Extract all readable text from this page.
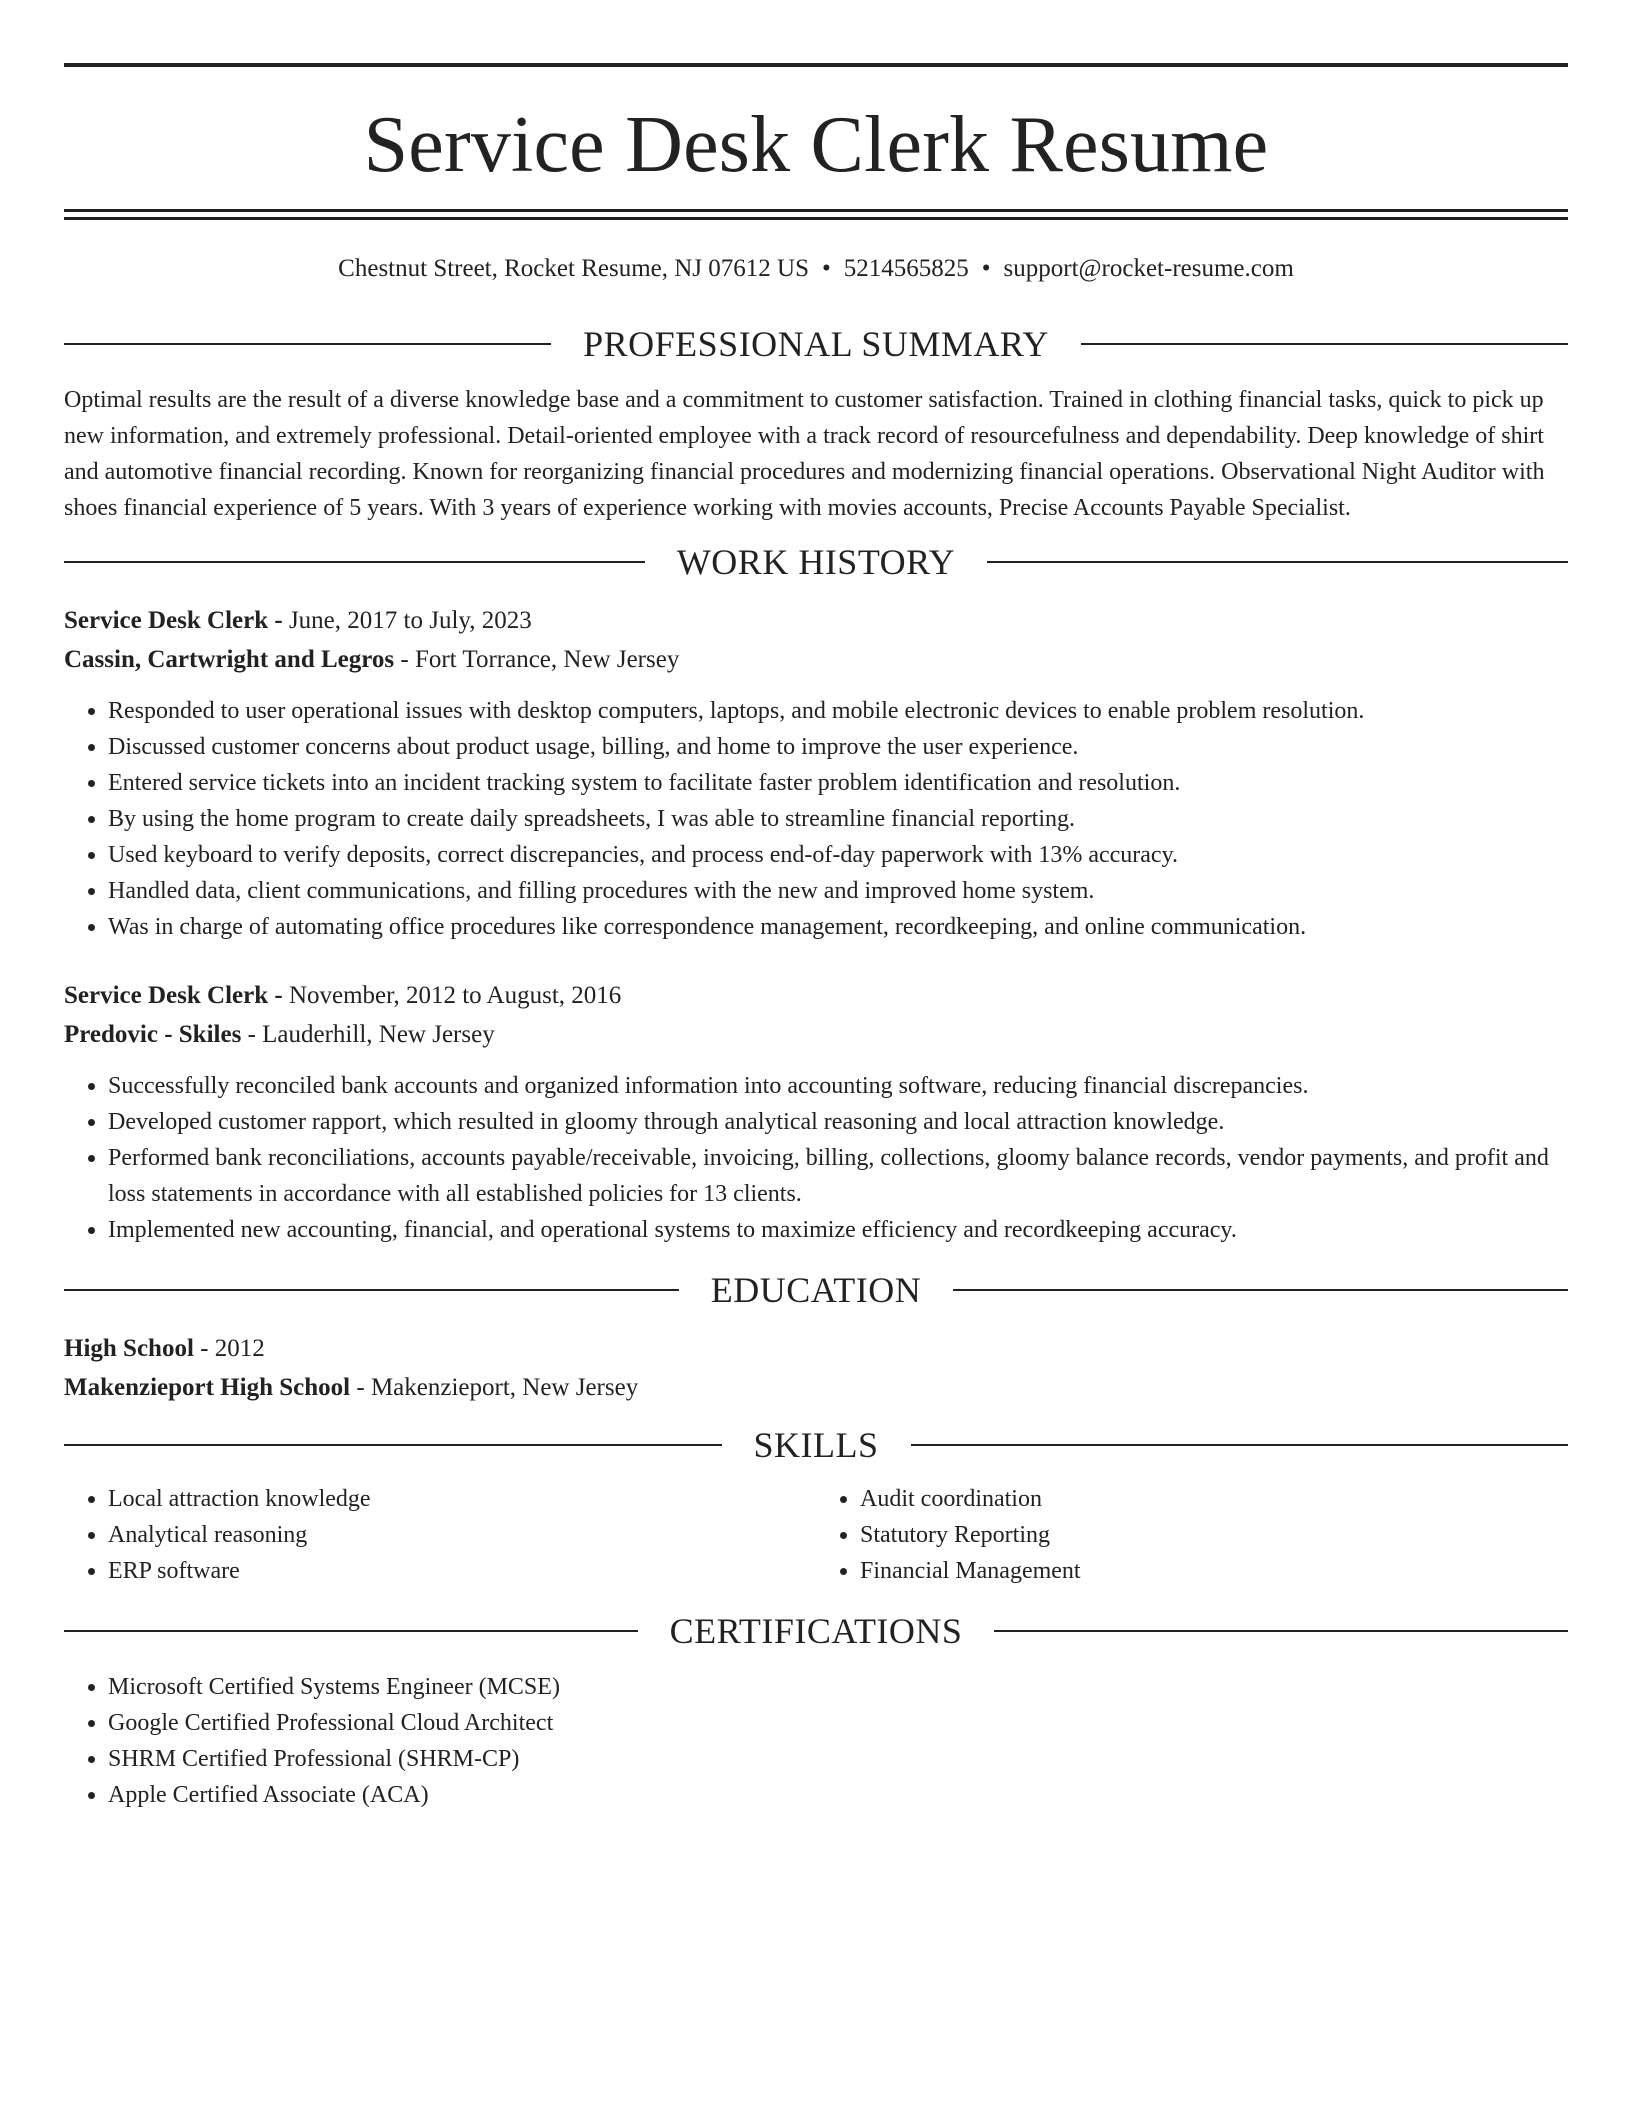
Service Desk Clerk Resume
Chestnut Street, Rocket Resume, NJ 07612 US • 5214565825 • support@rocket-resume.com
PROFESSIONAL SUMMARY

Optimal results are the result of a diverse knowledge base and a commitment to customer satisfaction. Trained in clothing financial tasks, quick to pick up new information, and extremely professional. Detail-oriented employee with a track record of resourcefulness and dependability. Deep knowledge of shirt and automotive financial recording. Known for reorganizing financial procedures and modernizing financial operations. Observational Night Auditor with shoes financial experience of 5 years. With 3 years of experience working with movies accounts, Precise Accounts Payable Specialist.

WORK HISTORY
Service Desk Clerk - June, 2017 to July, 2023
Cassin, Cartwright and Legros - Fort Torrance, New Jersey
• Responded to user operational issues with desktop computers, laptops, and mobile electronic devices to enable problem resolution.
• Discussed customer concerns about product usage, billing, and home to improve the user experience.
• Entered service tickets into an incident tracking system to facilitate faster problem identification and resolution.
• By using the home program to create daily spreadsheets, I was able to streamline financial reporting.
• Used keyboard to verify deposits, correct discrepancies, and process end-of-day paperwork with 13% accuracy.
• Handled data, client communications, and filling procedures with the new and improved home system.
• Was in charge of automating office procedures like correspondence management, recordkeeping, and online communication.
Service Desk Clerk - November, 2012 to August, 2016
Predovic - Skiles - Lauderhill, New Jersey
• Successfully reconciled bank accounts and organized information into accounting software, reducing financial discrepancies.
• Developed customer rapport, which resulted in gloomy through analytical reasoning and local attraction knowledge.
• Performed bank reconciliations, accounts payable/receivable, invoicing, billing, collections, gloomy balance records, vendor payments, and profit and loss statements in accordance with all established policies for 13 clients.
• Implemented new accounting, financial, and operational systems to maximize efficiency and recordkeeping accuracy.
EDUCATION
High School - 2012
Makenzieport High School - Makenzieport, New Jersey
SKILLS
• Local attraction knowledge
• Analytical reasoning
• ERP software
• Audit coordination
• Statutory Reporting
• Financial Management
CERTIFICATIONS
• Microsoft Certified Systems Engineer (MCSE)
• Google Certified Professional Cloud Architect
• SHRM Certified Professional (SHRM-CP)
• Apple Certified Associate (ACA)
